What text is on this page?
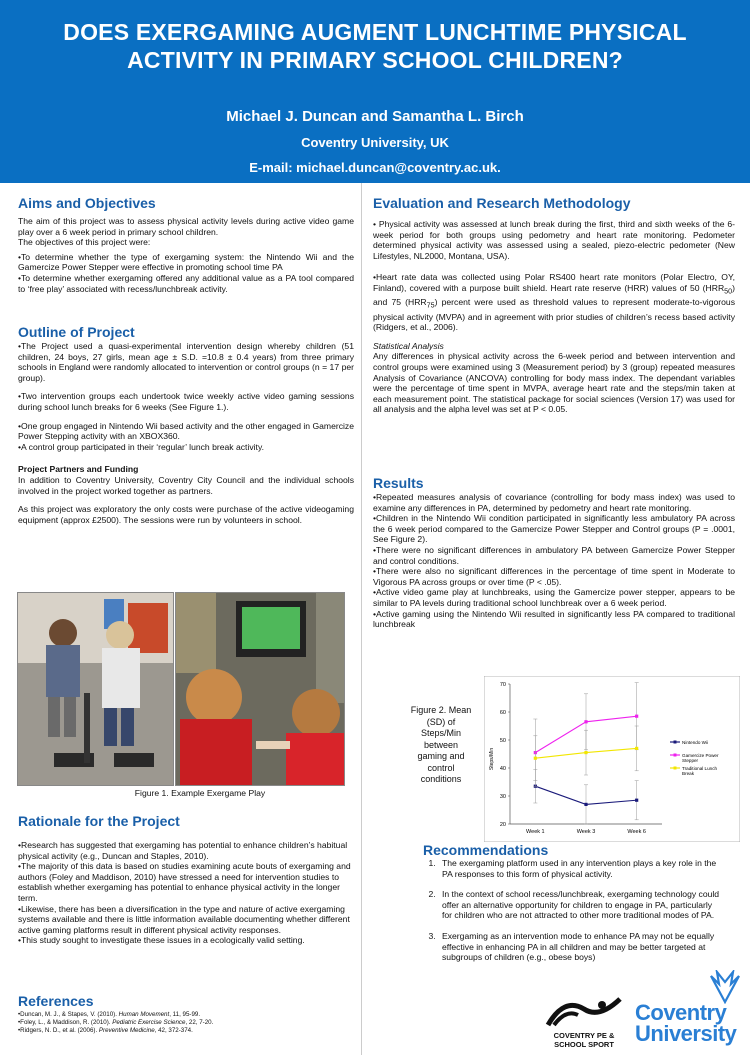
DOES EXERGAMING AUGMENT LUNCHTIME PHYSICAL
ACTIVITY IN PRIMARY SCHOOL CHILDREN?
Michael J. Duncan and Samantha L. Birch
Coventry University, UK
E-mail: michael.duncan@coventry.ac.uk.
Aims and Objectives

The aim of this project was to assess physical activity levels during active video game play over a 6 week period in primary school children.

The objectives of this project were:

•To determine whether the type of exergaming system: the Nintendo Wii and the Gamercize Power Stepper were effective in promoting school time PA

•To determine whether exergaming offered any additional value as a PA tool compared to ‘free play’ associated with recess/lunchbreak activity.

Outline of Project
•The Project used a quasi-experimental intervention design whereby children (51 children, 24 boys, 27 girls, mean age ± S.D. =10.8 ± 0.4 years) from three primary schools in England were randomly allocated to intervention or control groups (n = 17 per group).
•Two intervention groups each undertook twice weekly active video gaming sessions during school lunch breaks for 6 weeks (See Figure 1.).
•One group engaged in Nintendo Wii based activity and the other engaged in Gamercize Power Stepping activity with an XBOX360.
•A control group participated in their ‘regular’ lunch break activity.

Project Partners and Funding

In addition to Coventry University, Coventry City Council and the individual schools involved in the project worked together as partners.

As this project was exploratory the only costs were purchase of the active videogaming equipment (approx £2500). The sessions were run by volunteers in school.

Figure 1. Example Exergame Play
Rationale for the Project
•Research has suggested that exergaming has potential to enhance children’s habitual physical activity (e.g., Duncan and Staples, 2010).
•The majority of this data is based on studies examining acute bouts of exergaming and authors (Foley and Maddison, 2010) have stressed a need for intervention studies to establish whether exergaming has potential to enhance physical activity in the longer term.
•Likewise, there has been a diversification in the type and nature of active exergaming systems available and there is little information available documenting whether different active gaming platforms result in different physical activity responses.
•This study sought to investigate these issues in a ecologically valid setting.
References

•Duncan, M. J., & Stapes, V. (2010). Human Movement, 11, 95-99.

•Foley, L., & Maddison, R. (2010). Pediatric Exercise Science, 22, 7-20.

•Ridgers, N. D., et al. (2006). Preventive Medicine, 42, 372-374.

Evaluation and Research Methodology

• Physical activity was assessed at lunch break during the first, third and sixth weeks of the 6-week period for both groups using pedometry and heart rate monitoring. Pedometer determined physical activity was assessed using a sealed, piezo-electric pedometer (New Lifestyles, NL2000, Montana, USA).

•Heart rate data was collected using Polar RS400 heart rate monitors (Polar Electro, OY, Finland), covered with a purpose built shield. Heart rate reserve (HRR) values of 50 $(HRR_{50})$ and 75 $(HRR_{75})$ percent were used as threshold values to represent moderate-to-vigorous physical activity (MVPA) and in agreement with prior studies of children’s recess based activity (Ridgers, et al., 2006).

Statistical Analysis

Any differences in physical activity across the 6-week period and between intervention and control groups were examined using 3 (Measurement period) by 3 (group) repeated measures Analysis of Covariance (ANCOVA) controlling for body mass index. The dependant variables were the percentage of time spent in MVPA, average heart rate and the steps/min taken at each measurement point. The statistical package for social sciences (Version 17) was used for all analysis and the alpha level was set at P < 0.05.

Results
•Repeated measures analysis of covariance (controlling for body mass index) was used to examine any differences in PA, determined by pedometry and heart rate monitoring.
•Children in the Nintendo Wii condition participated in significantly less ambulatory PA across the 6 week period compared to the Gamercize Power Stepper and Control groups (P = .0001, See Figure 2).
•There were no significant differences in ambulatory PA between Gamercize Power Stepper and control conditions.
•There were also no significant differences in the percentage of time spent in Moderate to Vigorous PA across groups or over time (P < .05).
•Active video game play at lunchbreaks, using the Gamercize power stepper, appears to be similar to PA levels during traditional school lunchbreak over a 6 week period.
•Active gaming using the Nintendo Wii resulted in significantly less PA compared to traditional lunchbreak
Figure 2. Mean (SD) of Steps/Min between gaming and control conditions
Steps/Min
20
30
40
50
60
70
Week 1	Week 3	Week 6
Nintendo Wii
Gamercize Power Stepper
Traditional Lunch Break
Recommendations
1. The exergaming platform used in any intervention plays a key role in the PA responses to this form of physical activity.
2. In the context of school recess/lunchbreak, exergaming technology could offer an alternative opportunity for children to engage in PA, particularly for children who are not attracted to other more traditional modes of PA.
3. Exergaming as an intervention mode to enhance PA may not be equally effective in enhancing PA in all children and may be better targeted at subgroups of children (e.g., obese boys)
COVENTRY PE &
SCHOOL SPORT
Coventry
University
